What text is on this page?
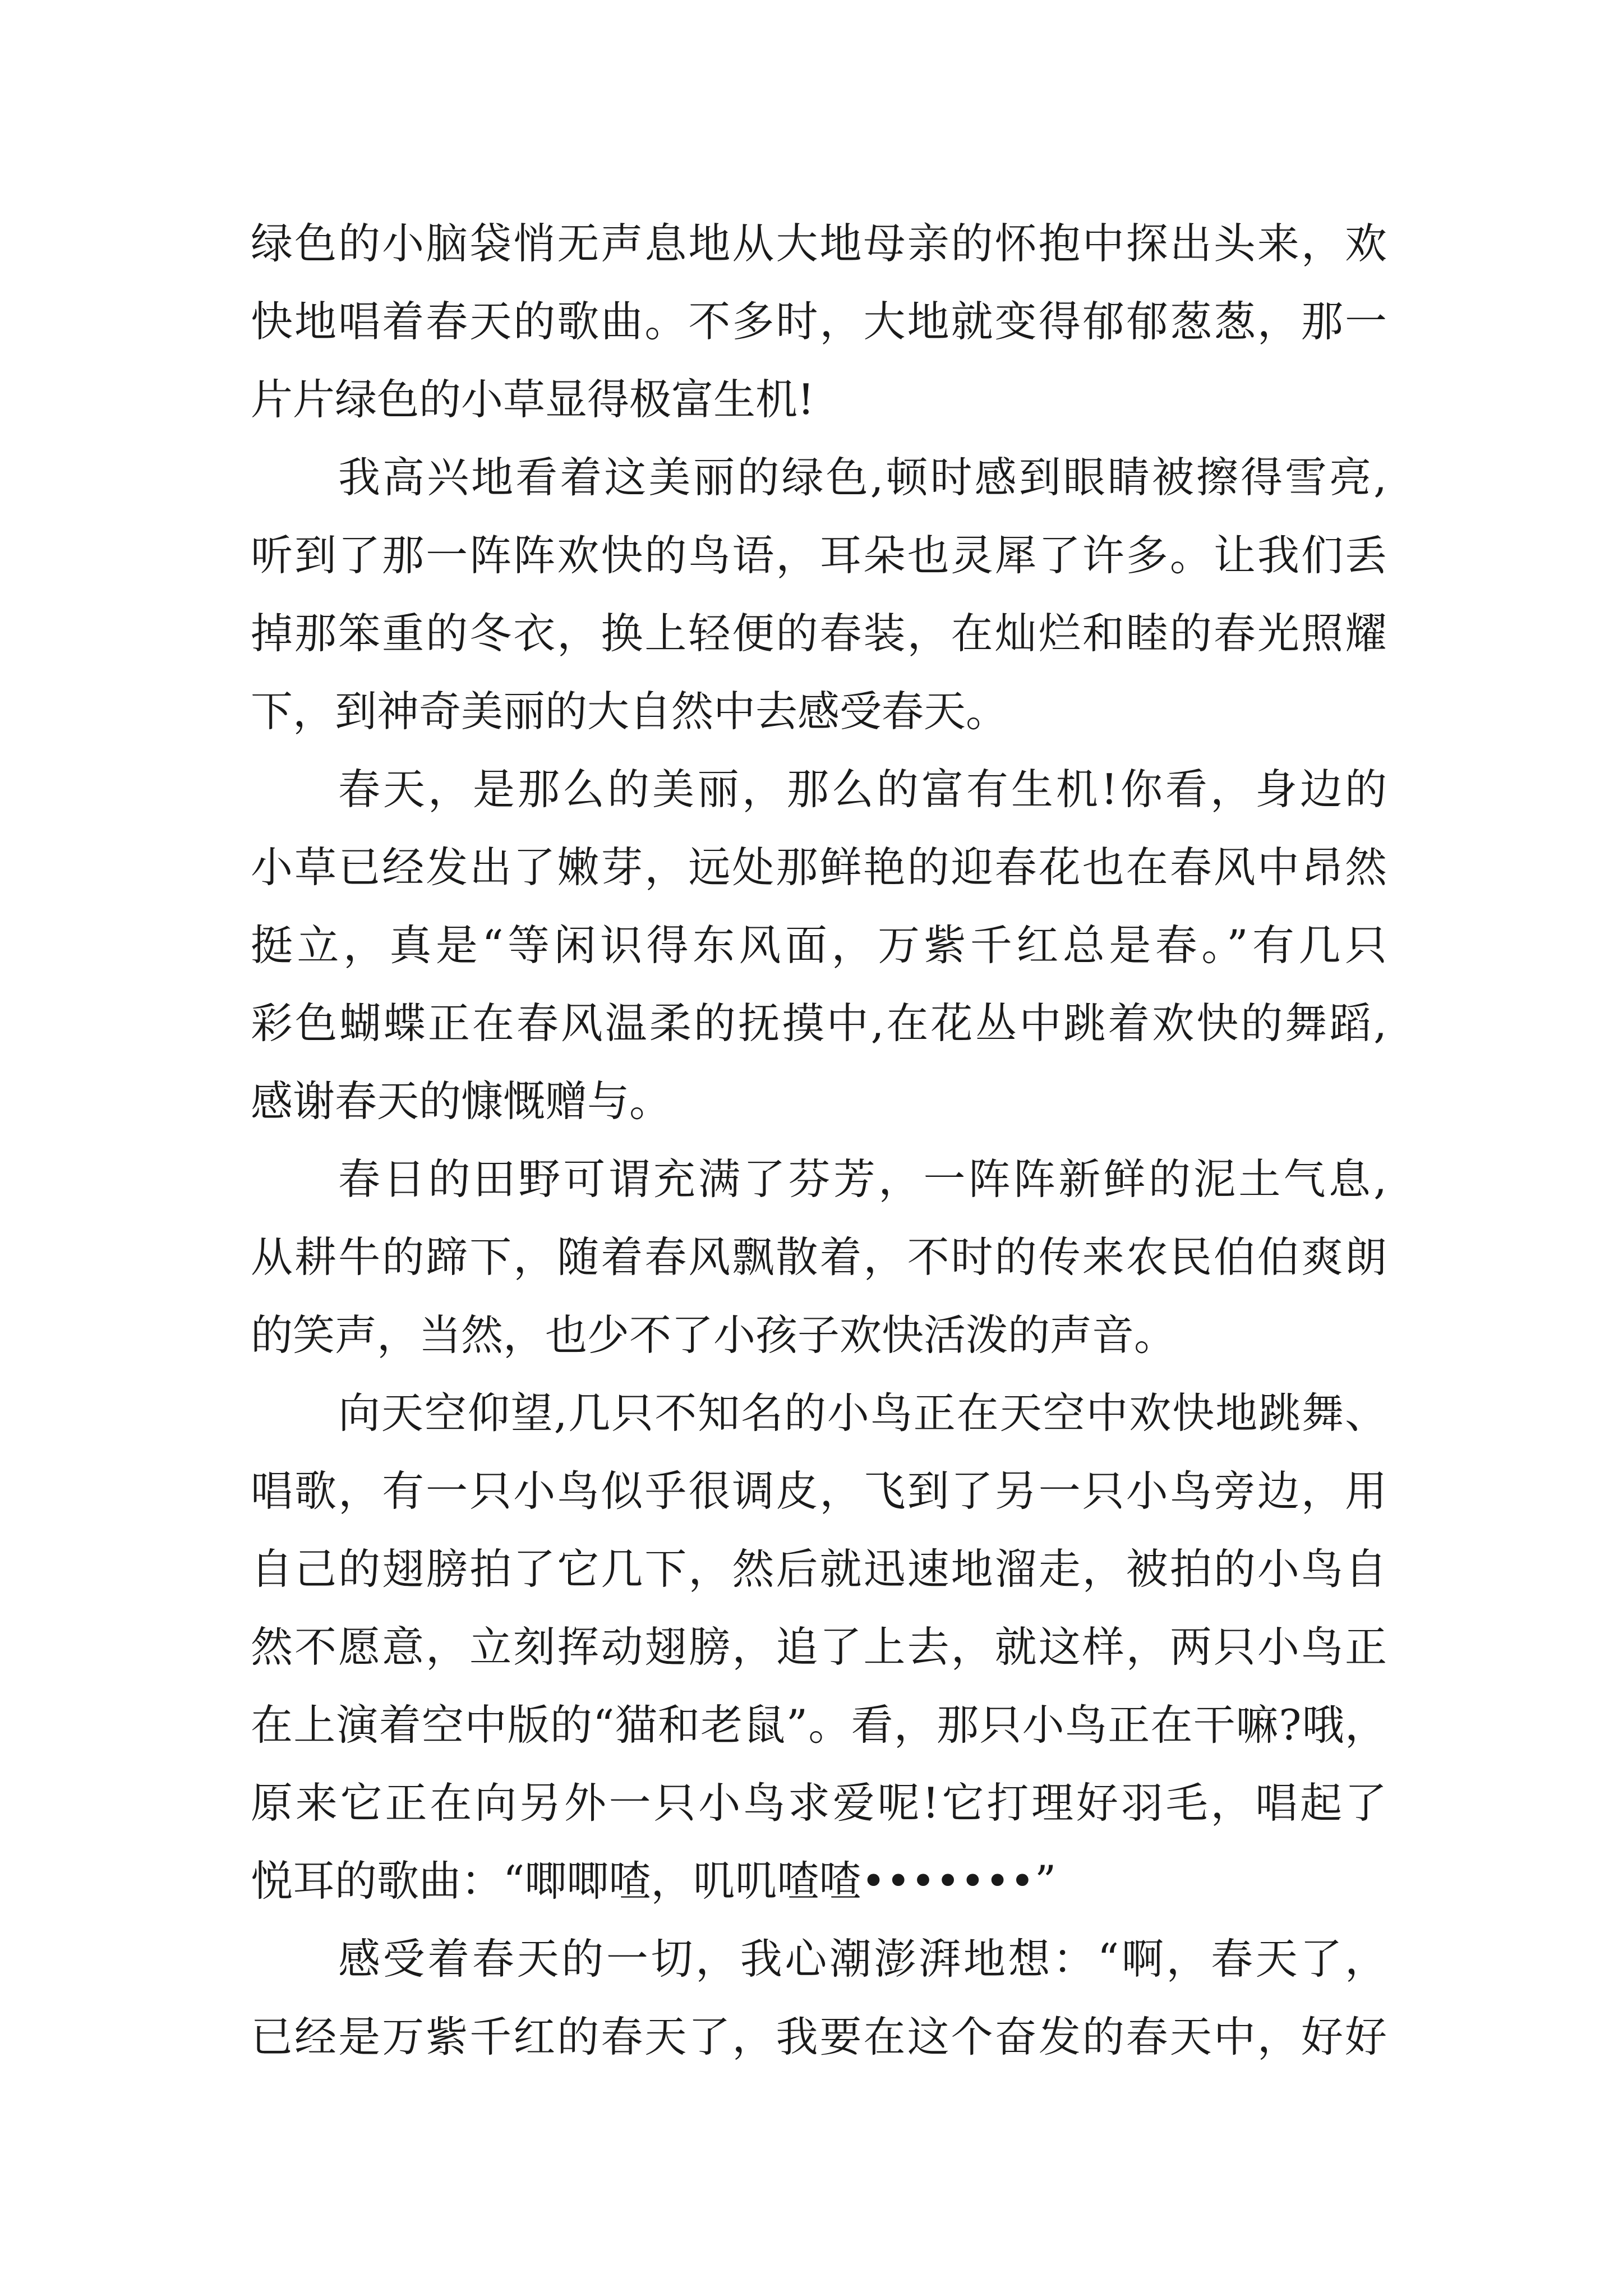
绿色的小脑袋悄无声息地从大地母亲的怀抱中探出头来，欢
快地唱着春天的歌曲。不多时，大地就变得郁郁葱葱，那一
片片绿色的小草显得极富生机!
我高兴地看着这美丽的绿色,顿时感到眼睛被擦得雪亮,
听到了那一阵阵欢快的鸟语，耳朵也灵犀了许多。让我们丢
掉那笨重的冬衣，换上轻便的春装，在灿烂和睦的春光照耀
下，到神奇美丽的大自然中去感受春天。
春天，是那么的美丽，那么的富有生机!你看，身边的
小草已经发出了嫩芽，远处那鲜艳的迎春花也在春风中昂然
挺立，真是“等闲识得东风面，万紫千红总是春。”有几只
彩色蝴蝶正在春风温柔的抚摸中,在花丛中跳着欢快的舞蹈,
感谢春天的慷慨赠与。
春日的田野可谓充满了芬芳，一阵阵新鲜的泥土气息,
从耕牛的蹄下，随着春风飘散着，不时的传来农民伯伯爽朗
的笑声，当然，也少不了小孩子欢快活泼的声音。
向天空仰望,几只不知名的小鸟正在天空中欢快地跳舞、
唱歌，有一只小鸟似乎很调皮，飞到了另一只小鸟旁边，用
自己的翅膀拍了它几下，然后就迅速地溜走，被拍的小鸟自
然不愿意，立刻挥动翅膀，追了上去，就这样，两只小鸟正
在上演着空中版的“猫和老鼠”。看，那只小鸟正在干嘛?哦，
原来它正在向另外一只小鸟求爱呢!它打理好羽毛，唱起了
悦耳的歌曲：“唧唧喳，叽叽喳喳•••••••”
感受着春天的一切，我心潮澎湃地想：“啊，春天了，
已经是万紫千红的春天了，我要在这个奋发的春天中，好好
